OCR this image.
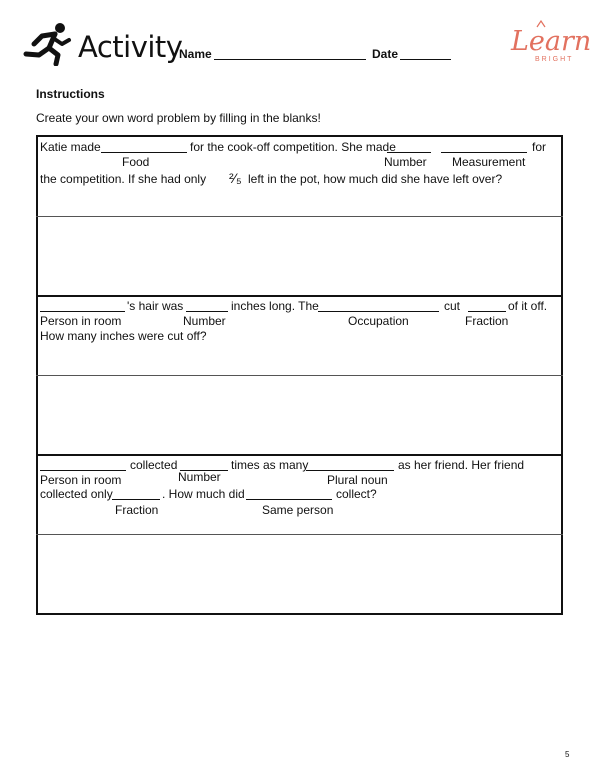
Activity
Name	Date	Learn
BRIGHT
Instructions
Create your own word problem by filling in the blanks!
Katie made	for the cook-off competition. She made	for
Food	Number Measurement
the competition. If she had only ²⁄₅ left in the pot, how much did she have left over?
's hair was	inches long. The	cut	of it off.
Person in room	Number	Occupation	Fraction
How many inches were cut off?
collected	times as many	as her friend. Her friend
Person in room	Number	Plural noun
collected only	. How much did	collect?
Fraction	Same person
5
